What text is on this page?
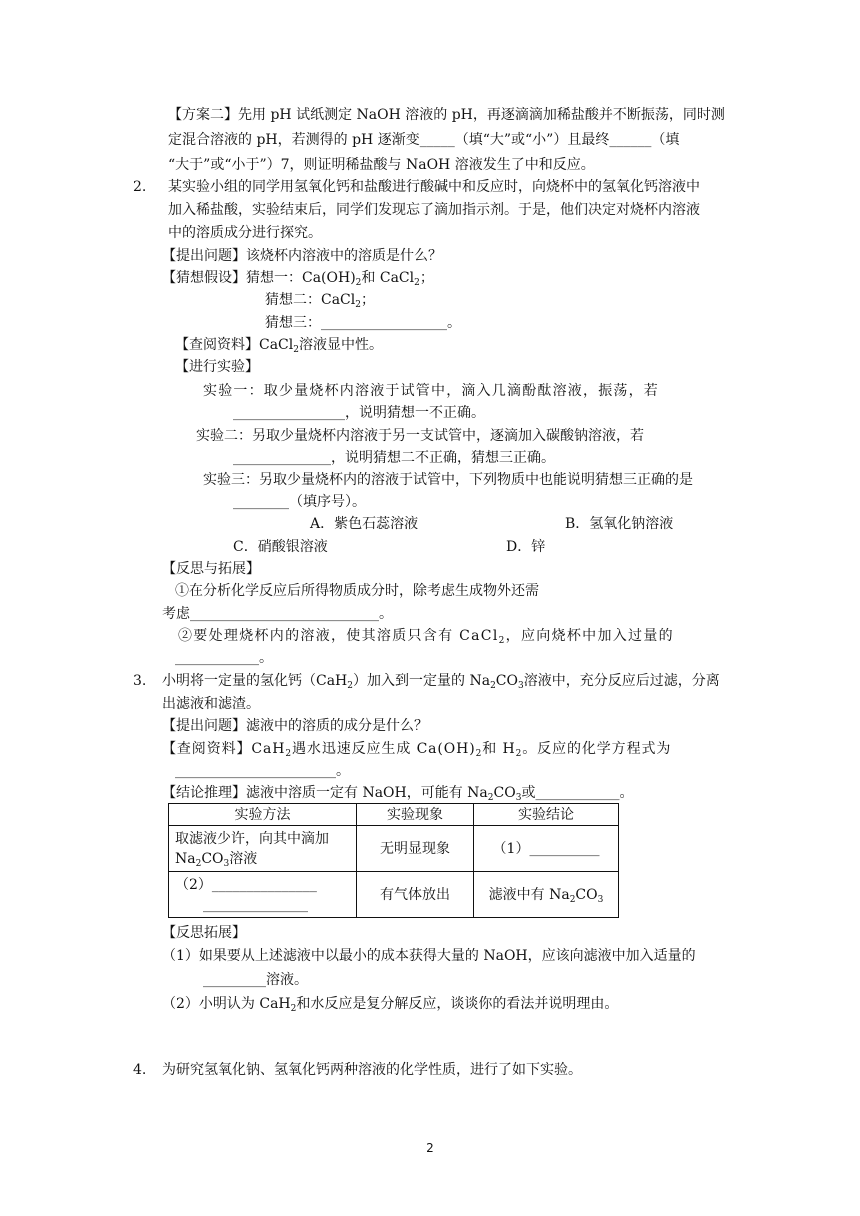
【方案二】先用 pH 试纸测定 NaOH 溶液的 pH，再逐滴滴加稀盐酸并不断振荡，同时测
定混合溶液的 pH，若测得的 pH 逐渐变_____（填“大”或“小”）且最终______（填
“大于”或“小于”）7，则证明稀盐酸与 NaOH 溶液发生了中和反应。
2. 某实验小组的同学用氢氧化钙和盐酸进行酸碱中和反应时，向烧杯中的氢氧化钙溶液中
加入稀盐酸，实验结束后，同学们发现忘了滴加指示剂。于是，他们决定对烧杯内溶液
中的溶质成分进行探究。
【提出问题】该烧杯内溶液中的溶质是什么？
【猜想假设】猜想一：$Ca(OH)_2$和 CaCl$_2$；
猜想二：CaCl$_2$；
猜想三：__________________。
【查阅资料】CaCl$_2$溶液显中性。
【进行实验】
实验一：取少量烧杯内溶液于试管中，滴入几滴酚酞溶液，振荡，若
________________，说明猜想一不正确。
实验二：另取少量烧杯内溶液于另一支试管中，逐滴加入碳酸钠溶液，若
______________，说明猜想二不正确，猜想三正确。
实验三：另取少量烧杯内的溶液于试管中，下列物质中也能说明猜想三正确的是
________（填序号）。
A．紫色石蕊溶液	B．氢氧化钠溶液
C．硝酸银溶液	D．锌
【反思与拓展】
①在分析化学反应后所得物质成分时，除考虑生成物外还需
考虑___________________________。
②要处理烧杯内的溶液，使其溶质只含有 CaCl$_2$，应向烧杯中加入过量的
____________。
3. 小明将一定量的氢化钙（CaH$_2$）加入到一定量的 $Na_2CO_3$溶液中，充分反应后过滤，分离
出滤液和滤渣。
【提出问题】滤液中的溶质的成分是什么？
【查阅资料】CaH$_2$遇水迅速反应生成 $Ca(OH)_2$和 $H_2$。反应的化学方程式为
_______________________。
【结论推理】滤液中溶质一定有 NaOH，可能有 $Na_2CO_3$或____________。
实验方法	实验现象	实验结论

取滤液少许，向其中滴加
$Na_2CO_3$溶液	无明显现象	（1）__________

（2）_______________
_______________	有气体放出	滤液中有 $Na_2CO_3$
【反思拓展】
（1）如果要从上述滤液中以最小的成本获得大量的 NaOH，应该向滤液中加入适量的
_________溶液。
（2）小明认为 CaH$_2$和水反应是复分解反应，谈谈你的看法并说明理由。
4. 为研究氢氧化钠、氢氧化钙两种溶液的化学性质，进行了如下实验。
2
